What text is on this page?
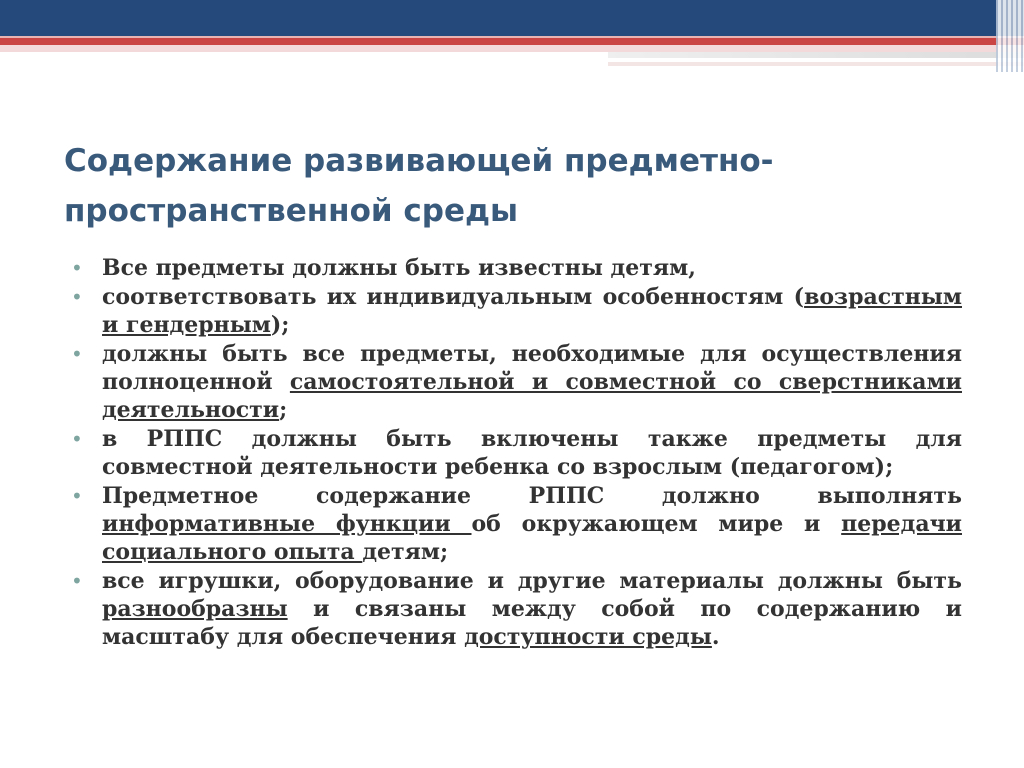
Содержание развивающей предметно-пространственной среды
• Все предметы должны быть известны детям,
• соответствовать их индивидуальным особенностям (возрастным и гендерным);
• должны быть все предметы, необходимые для осуществления полноценной самостоятельной и совместной со сверстниками деятельности;
• в РППС должны быть включены также предметы для совместной деятельности ребенка со взрослым (педагогом);
• Предметное содержание РППС должно выполнять информативные функции об окружающем мире и передачи социального опыта детям;
• все игрушки, оборудование и другие материалы должны быть разнообразны и связаны между собой по содержанию и масштабу для обеспечения доступности среды.
